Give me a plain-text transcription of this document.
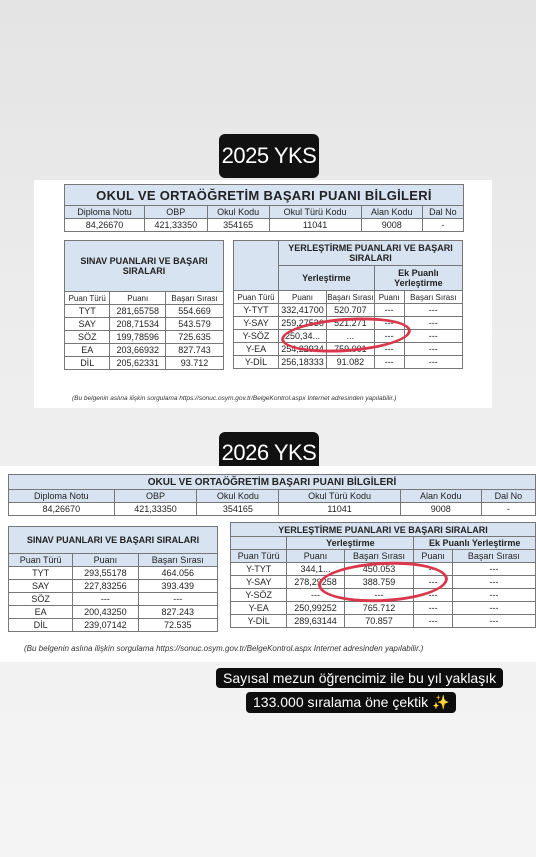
2025 YKS
OKUL VE ORTAÖĞRETİM BAŞARI PUANI BİLGİLERİ					
Diploma Notu	OBP	Okul Kodu	Okul Türü Kodu	Alan Kodu	Dal No
84,26670	421,33350	354165	11041	9008	-
SINAV PUANLARI VE BAŞARI SIRALARI		
Puan Türü	Puanı	Başarı Sırası
TYT	281,65758	554.669
SAY	208,71534	543.579
SÖZ	199,78596	725.635
EA	203,66932	827.743
DİL	205,62331	93.712
	YERLEŞTİRME PUANLARI VE BAŞARI SIRALARI			
	Yerleştirme		Ek Puanlı Yerleştirme	
Puan Türü	Puanı	Başarı Sırası	Puanı	Başarı Sırası
Y-TYT	332,41700	520.707	---	---
Y-SAY	259,27536	521.271	---	---
Y-SÖZ	250,34...	...	---	---
Y-EA	254,22934	759.001	---	---
Y-DİL	256,18333	91.082	---	---
(Bu belgenin aslına ilişkin sorgulama https://sonuc.osym.gov.tr/BelgeKontrol.aspx Internet adresinden yapılabilir.)
2026 YKS
OKUL VE ORTAÖĞRETİM BAŞARI PUANI BİLGİLERİ					
Diploma Notu	OBP	Okul Kodu	Okul Türü Kodu	Alan Kodu	Dal No
84,26670	421,33350	354165	11041	9008	-
SINAV PUANLARI VE BAŞARI SIRALARI		
Puan Türü	Puanı	Başarı Sırası
TYT	293,55178	464.056
SAY	227,83256	393.439
SÖZ	---	---
EA	200,43250	827.243
DİL	239,07142	72.535
YERLEŞTİRME PUANLARI VE BAŞARI SIRALARI				
	Yerleştirme		Ek Puanlı Yerleştirme	
Puan Türü	Puanı	Başarı Sırası	Puanı	Başarı Sırası
Y-TYT	344,1...	450.053	---	---
Y-SAY	278,29258	388.759	---	---
Y-SÖZ	---	---	---	---
Y-EA	250,99252	765.712	---	---
Y-DİL	289,63144	70.857	---	---
(Bu belgenin aslına ilişkin sorgulama https://sonuc.osym.gov.tr/BelgeKontrol.aspx Internet adresinden yapılabilir.)
Sayısal mezun öğrencimiz ile bu yıl yaklaşık
133.000 sıralama öne çektik ✨
